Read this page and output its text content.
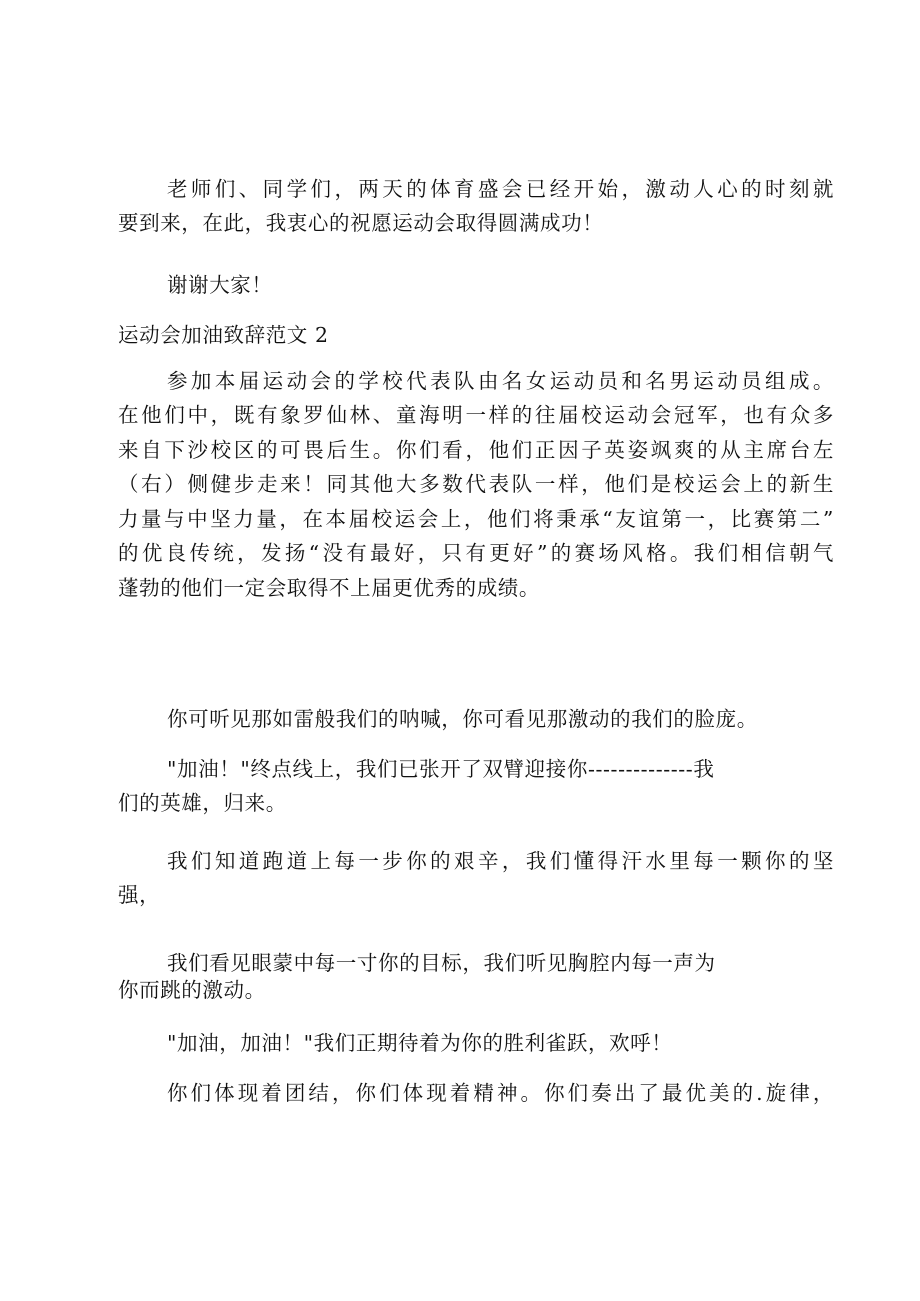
老师们、同学们，两天的体育盛会已经开始，激动人心的时刻就
要到来，在此，我衷心的祝愿运动会取得圆满成功！
谢谢大家！
运动会加油致辞范文 2
参加本届运动会的学校代表队由名女运动员和名男运动员组成。
在他们中，既有象罗仙林、童海明一样的往届校运动会冠军，也有众多
来自下沙校区的可畏后生。你们看，他们正因子英姿飒爽的从主席台左
（右）侧健步走来！同其他大多数代表队一样，他们是校运会上的新生
力量与中坚力量，在本届校运会上，他们将秉承“友谊第一，比赛第二”
的优良传统，发扬“没有最好，只有更好”的赛场风格。我们相信朝气
蓬勃的他们一定会取得不上届更优秀的成绩。
你可听见那如雷般我们的呐喊，你可看见那激动的我们的脸庞。
"加油！"终点线上，我们已张开了双臂迎接你--------------我
们的英雄，归来。
我们知道跑道上每一步你的艰辛，我们懂得汗水里每一颗你的坚
强，
我们看见眼蒙中每一寸你的目标，我们听见胸腔内每一声为
你而跳的激动。
"加油，加油！"我们正期待着为你的胜利雀跃，欢呼！
你们体现着团结，你们体现着精神。你们奏出了最优美的.旋律，
